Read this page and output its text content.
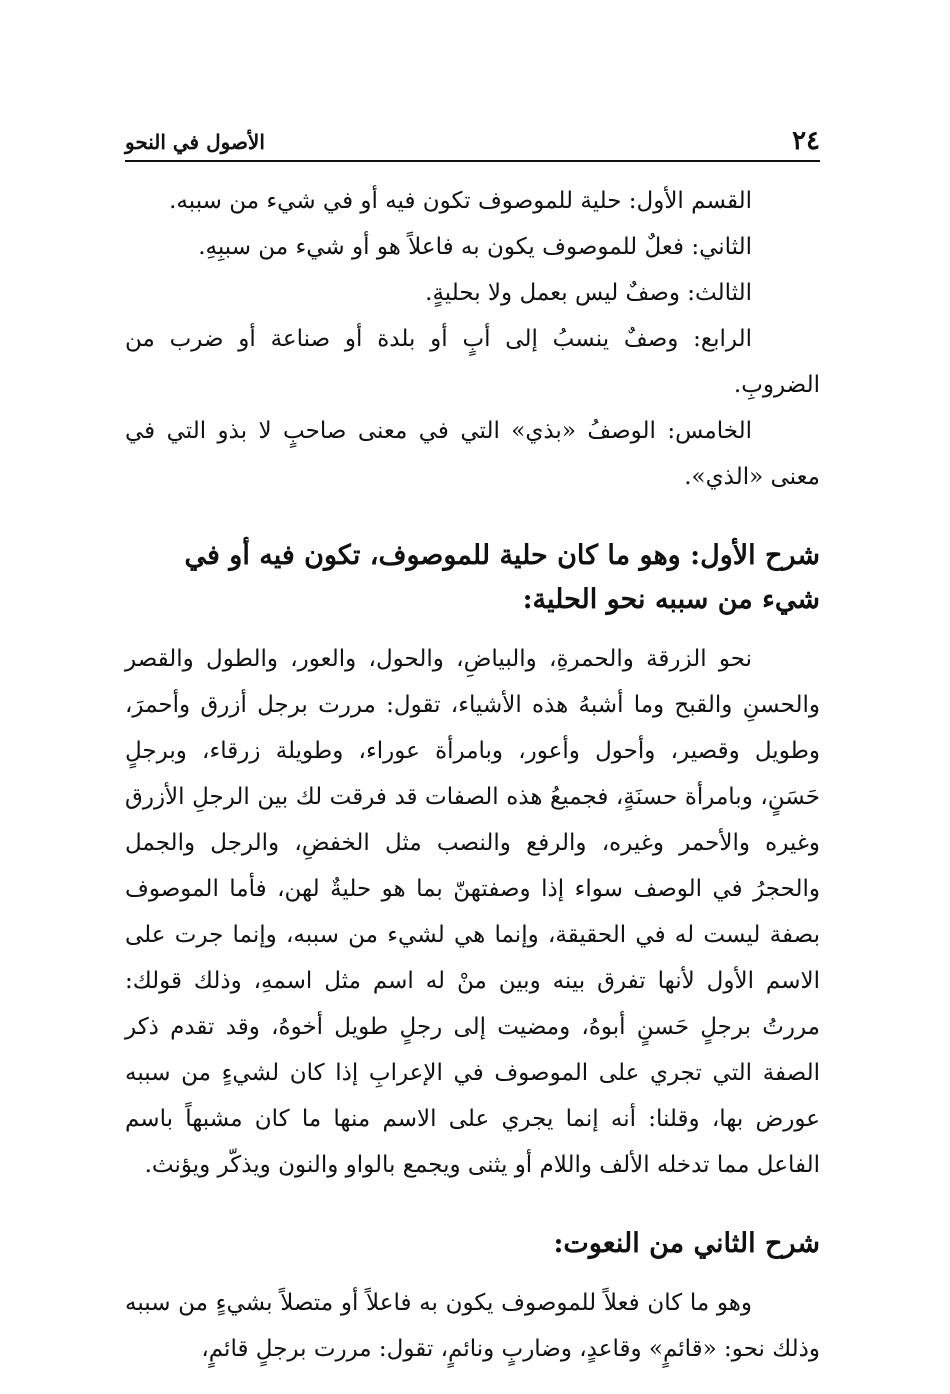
٢٤
الأصول في النحو

القسم الأول: حلية للموصوف تكون فيه أو في شيء من سببه.

الثاني: فعلٌ للموصوف يكون به فاعلاً هو أو شيء من سببِهِ.

الثالث: وصفٌ ليس بعمل ولا بحليةٍ.

الرابع: وصفٌ ينسبُ إلى أبٍ أو بلدة أو صناعة أو ضرب من الضروبِ.

الخامس: الوصفُ «بذي» التي في معنى صاحبٍ لا بذو التي في معنى «الذي».

شرح الأول: وهو ما كان حلية للموصوف، تكون فيه أو في شيء من سببه نحو الحلية:

نحو الزرقة والحمرةِ، والبياضِ، والحول، والعور، والطول والقصر والحسنِ والقبح وما أشبهُ هذه الأشياء، تقول: مررت برجل أزرق وأحمرَ، وطويل وقصير، وأحول وأعور، وبامرأة عوراء، وطويلة زرقاء، وبرجلٍ حَسَنٍ، وبامرأة حسنَةٍ، فجميعُ هذه الصفات قد فرقت لك بين الرجلِ الأزرق وغيره والأحمر وغيره، والرفع والنصب مثل الخفضِ، والرجل والجمل والحجرُ في الوصف سواء إذا وصفتهنّ بما هو حليةٌ لهن، فأما الموصوف بصفة ليست له في الحقيقة، وإنما هي لشيء من سببه، وإنما جرت على الاسم الأول لأنها تفرق بينه وبين منْ له اسم مثل اسمهِ، وذلك قولك: مررتُ برجلٍ حَسنٍ أبوهُ، ومضيت إلى رجلٍ طويل أخوهُ، وقد تقدم ذكر الصفة التي تجري على الموصوف في الإعرابِ إذا كان لشيءٍ من سببه عورض بها، وقلنا: أنه إنما يجري على الاسم منها ما كان مشبهاً باسم الفاعل مما تدخله الألف واللام أو يثنى ويجمع بالواو والنون ويذكّر ويؤنث.

شرح الثاني من النعوت:

وهو ما كان فعلاً للموصوف يكون به فاعلاً أو متصلاً بشيءٍ من سببه وذلك نحو: «قائمٍ» وقاعدٍ، وضاربٍ ونائمٍ، تقول: مررت برجلٍ قائمٍ،
